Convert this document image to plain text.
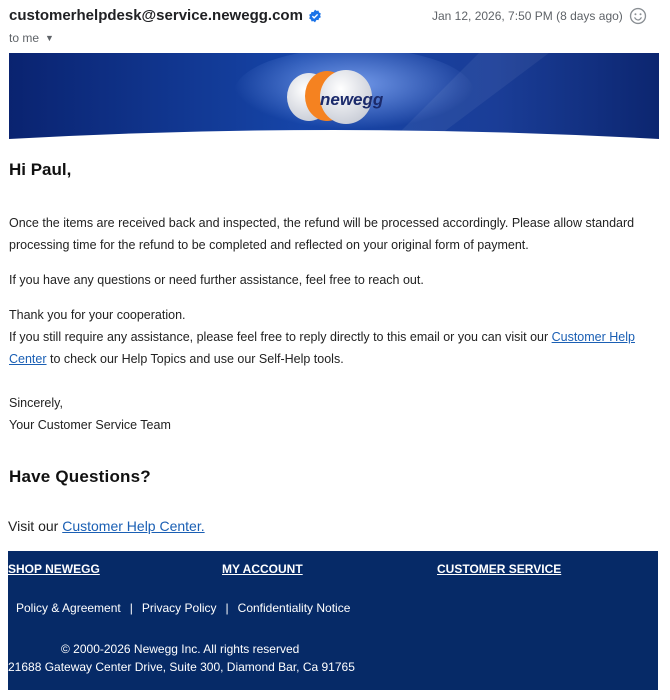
customerhelpdesk@service.newegg.com	Jan 12, 2026, 7:50 PM (8 days ago)
to me ▼
newegg
Hi Paul,
Once the items are received back and inspected, the refund will be processed accordingly. Please allow standard processing time for the refund to be completed and reflected on your original form of payment.
If you have any questions or need further assistance, feel free to reach out.
Thank you for your cooperation.
If you still require any assistance, please feel free to reply directly to this email or you can visit our Customer Help Center to check our Help Topics and use our Self-Help tools.
Sincerely,
Your Customer Service Team
Have Questions?
Visit our Customer Help Center.
SHOP NEWEGG	MY ACCOUNT	CUSTOMER SERVICE
Policy & Agreement | Privacy Policy | Confidentiality Notice
© 2000-2026 Newegg Inc. All rights reserved
21688 Gateway Center Drive, Suite 300, Diamond Bar, Ca 91765
